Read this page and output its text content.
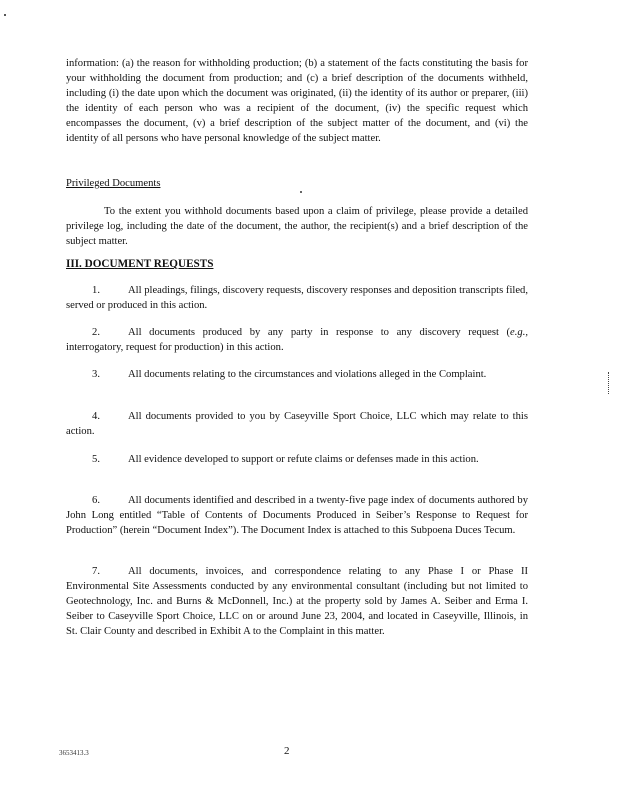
information: (a) the reason for withholding production; (b) a statement of the facts constituting the basis for your withholding the document from production; and (c) a brief description of the documents withheld, including (i) the date upon which the document was originated, (ii) the identity of its author or preparer, (iii) the identity of each person who was a recipient of the document, (iv) the specific request which encompasses the document, (v) a brief description of the subject matter of the document, and (vi) the identity of all persons who have personal knowledge of the subject matter.

Privileged Documents

To the extent you withhold documents based upon a claim of privilege, please provide a detailed privilege log, including the date of the document, the author, the recipient(s) and a brief description of the subject matter.

III. DOCUMENT REQUESTS

1.	All pleadings, filings, discovery requests, discovery responses and deposition transcripts filed, served or produced in this action.

2.	All documents produced by any party in response to any discovery request (e.g., interrogatory, request for production) in this action.

3.	All documents relating to the circumstances and violations alleged in the Complaint.

4.	All documents provided to you by Caseyville Sport Choice, LLC which may relate to this action.

5.	All evidence developed to support or refute claims or defenses made in this action.

6.	All documents identified and described in a twenty-five page index of documents authored by John Long entitled “Table of Contents of Documents Produced in Seiber’s Response to Request for Production” (herein “Document Index”). The Document Index is attached to this Subpoena Duces Tecum.

7.	All documents, invoices, and correspondence relating to any Phase I or Phase II Environmental Site Assessments conducted by any environmental consultant (including but not limited to Geotechnology, Inc. and Burns & McDonnell, Inc.) at the property sold by James A. Seiber and Erma I. Seiber to Caseyville Sport Choice, LLC on or around June 23, 2004, and located in Caseyville, Illinois, in St. Clair County and described in Exhibit A to the Complaint in this matter.

3653413.3	2
